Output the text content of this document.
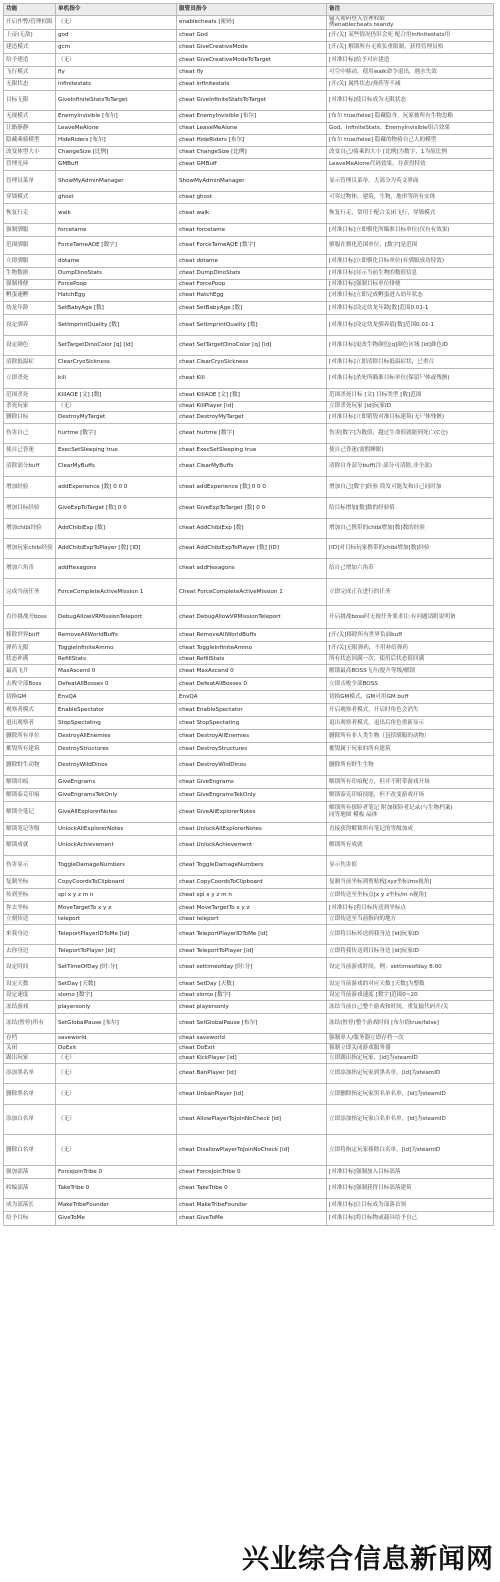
功能	单机指令	服管员指令	备注
开启作弊/管理权限	（无）	enablecheats [密码]	输入密码登入管理权限
例enablecheats teandy
上帝(无敌)	god	cheat God	[开/关] 某些情况仍旧会死 配合用infinitestats用
建造模式	gcm	cheat GiveCreativeMode	[开/关] 解锁所有无须负重限制，获得管理员格
给予建造	（无）	cheat GiveCreativeModeToTarget	[对准目标]给予对应建造
飞行模式	fly	cheat fly	可空中移动，使用walk命令退出，遇水失效
无限状态	infinitestats	cheat infinitestats	[开/关] 属性状态/弹药等不减
目标无限	GiveInfiniteStatsToTarget	cheat GiveInfiniteStatsToTarget	[对准目标]使目标成为无限状态
无视模式	EnemyInvisible [布尔]	cheat EnemyInvisible [布尔]	[布尔 true/false] 隐藏隐身，玩家被所有生物忽略
让路静静	LeaveMeAlone	cheat LeaveMeAlone	God、InfiniteStats、EnemyInvisible组合效果
隐藏乘骑模型	HideRiders [布尔]	cheat HideRiders [布尔]	[布尔 true/false] 隐藏的物骑自己人的模型
改变体型大小	ChangeSize [比例]	cheat ChangeSize [比例]	改变自己/骑乘的大小 [比例]为数字，1为原比例
管理光环	GMBuff	cheat GMBuff	LeaveMeAlone代码效果，并获得特效
管理员菜单	ShowMyAdminManager	ShowMyAdminManager	显示管理员菜单，大部分为英文界面
穿墙模式	ghost	cheat ghost	可穿过物体，建筑，生物，地形等所有实体
恢复行走	walk	cheat walk	恢复行走，常用于配合关闭飞行，穿墙模式
强制驯服	forcetame	cheat forcetame	[对准目标]立即驯化所瞄准目标单位(仅有有效果)
范围驯服	ForceTameAOE [数字]	cheat ForceTameAOE [数字]	驯服在驯化范围单位，[数字]是范围
立即驯服	dotame	cheat dotame	[对准目标]立即驯化目标单位(有驯服成功特效)
生物数据	DumpDinoStats	cheat DumpDinoStats	[对准目标]显示当前生物的数值信息
强制排便	ForcePoop	cheat ForcePoop	[对准目标]强制目标单位排便
孵蛋速孵	HatchEgg	cheat HatchEgg	[对准目标]立即完成孵蛋进入幼年状态
幼龙年龄	SetBabyAge [数]	cheat SetBabyAge [数]	[对准目标]设定幼龙年龄[数]范围0.01-1
设定驯养	SetImprintQuality [数]	cheat SetImprintQuality [数]	[对准目标]设定幼龙驯养值[数]范围0.01-1
设定颜色	SetTargetDinoColor [q] [id]	cheat SetTargetDinoColor [q] [id]	[对准目标]更改生物颜色[q]颜色区域 [id]颜色ID
清除低温症	ClearCryoSickness	cheat ClearCryoSickness	[对准目标]立即清除目标低温症状，已重召
立即杀死	kill	cheat Kill	[对准目标]杀死所瞄准目标单位(保留尸体或残骸)
范围杀死	KillAOE [文] [数]	cheat KillAOE [文] [数]	范围杀死目标 [文] 目标类型 [数]范围
杀死玩家	（无）	cheat KillPlayer [id]	立即杀死玩家 [id]玩家ID
删除目标	DestroyMyTarget	cheat DestroyMyTarget	[对准目标]立即销毁对准目标建筑(无尸体残骸)
伤害自己	hurtme [数字]	cheat hurtme [数字]	伤害[数字]为数值，越过生命值就能到死亡(C仓)
使自己昏迷	ExecSetSleeping true	cheat ExecSetSleeping true	使自己昏迷(需假睡眠)
清除部分buff	ClearMyBuffs	cheat ClearMyBuffs	清除自身部分buff(注:部分可清除,非全部)
增加经验	addExperience [数] 0 0 0	cheat addExperience [数] 0 0 0	增加自己[数字]经验 简发可能发和自己同时加
增加目标经验	GiveExpToTarget [数] 0 0	cheat GiveExpToTarget [数] 0 0	给目标增加[数]数的经验值
增加chibi经验	AddChibiExp [数]	cheat AddChibiExp [数]	增加自己携带的chibi增加[数]数的经验
增加玩家chibi经验	AddChibiExpToPlayer [数] [ID]	cheat AddChibiExpToPlayer [数] [ID]	[ID]对目标玩家携带的chibi增加[数]经验
增加六角币	addHexagons	cheat addHexagons	给自己增加六角币
完成当前任务	ForceCompleteActiveMission 1	Cheat ForceCompleteActiveMission 1	立即完成正在进行的任务
直径挑战开boss	DebugAllowVRMissionTeleport	cheat DebugAllowVRMissionTeleport	开启挑战boss时无视任务要求注:有问题请附说明备
移除世界buff	RemoveAllWorldBuffs	cheat RemoveAllWorldBuffs	[开/关]移除所有世界负面buff
弹药无限	ToggleInfiniteAmmo	cheat ToggleInfiniteAmmo	[开/关]无限弹药，不用补给弹药
状态补满	RefillStats	cheat RefillStats	所有状态回满一次，使用后状态值回满
最高飞升	MaxAscend 0	cheat MaxAscend 0	解锁最高BOSS飞升/提升等级/解锁
击败全部Boss	DefeatAllBosses 0	cheat DefeatAllBosses 0	立即击败全部BOSS
切换GM	EnvQA	EnvQA	切换GM模式，GM可用GM buff
观察者模式	EnableSpectator	cheat EnableSpectator	开启观察者模式，开启时角色会消失
退出观察者	StopSpectating	cheat StopSpectating	退出观察者模式，退出后角色重新显示
删除所有单位	DestroyAllEnemies	cheat DestroyAllEnemies	删除所有非人类生物（包括驯服的动物）
摧毁所有建筑	DestroyStructures	cheat DestroyStructures	摧毁属于玩家的所有建筑
删除野生动物	DestroyWildDinos	cheat DestroyWildDinos	删除所有野生生物
解锁印痕	GiveEngrams	cheat GiveEngrams	解锁所有印痕配方，但并不附带游戏开场
解锁泰克印痕	GiveEngramsTekOnly	cheat GiveEngramsTekOnly	解锁泰克印痕技能，但不改变游戏开场
解锁全笔记	GiveAllExplorerNotes	cheat GiveAllExplorerNotes	解锁所有探险者笔记 附加探险者记录(与生物档案)
同等地图 模板 晶体
解锁笔记等级	UnlockAllExplorerNotes	cheat UnlockAllExplorerNotes	直接获得解锁所有笔记的等级加成
解锁成就	UnlockAchievement	cheat UnlockAchievement	解锁所有成就
伤害显示	ToggleDamageNumbers	cheat ToggleDamageNumbers	显示伤害值
复制坐标	CopyCoordsToClipboard	cheat CopyCoordsToClipboard	复制当前坐标到剪贴板[xyz坐标/ms视角]
传到坐标	spi x y z m n	cheat spi x y z m n	立即传送至坐标点[x y z坐标/m n视角]
你去坐标	MoveTargetTo x y z	cheat MoveTargetTo x y z	[对准目标]将目标传送到坐标点
立刻传送	teleport	cheat teleport	立即传送至当前指向的地方
来我身边	TeleportPlayerIDToMe [id]	cheat TeleportPlayerIDToMe [id]	立即将目标传送到我身边 [id]玩家ID
去你身边	TeleportToPlayer [id]	cheat TeleportToPlayer [id]	立即将我传送到目标身边 [id]玩家ID
设定时间	SetTimeOfDay [时:分]	cheat settimeofday [时:分]	设定当前游戏时间，例：settimeofday 8:00
设定天数	SetDay [天数]	cheat SetDay [天数]	设定当前游戏的对应天数 [天数]为整数
设定速度	slomo [数字]	cheat slomo [数字]	设定当前游戏速度 [数字]范围0~20
冻结游戏	playersonly	cheat playersonly	冻结当前自己整个游戏和时间，重复输代码开/关
冻结(暂停)所有	SetGlobalPause [布尔]	cheat SetGlobalPause [布尔]	冻结(暂停)整个游戏时间 [布尔值true/false]
存档	saveworld	cheat saveworld	强制单人/服务器立即存档一次
关闭	DoExit	cheat DoExit	强制立即关闭游戏服务器
踢出玩家	（无）	cheat KickPlayer [id]	立即踢出指定玩家，[id]为steamID
添加黑名单	（无）	cheat BanPlayer [id]	立即添加指定玩家到黑名单，[id]为steamID
删除黑名单	（无）	cheat UnbanPlayer [id]	立即删除指定玩家黑名单名单，[id]为steamID
添加白名单	（无）	cheat AllowPlayerToJoinNoCheck [id]	立即添加指定玩家白名单名单，[id]为steamID
删除白名单	（无）	cheat DisallowPlayerToJoinNoCheck [id]	立即将指定玩家移除白名单，[id]为steamID
强加部落	ForceJoinTribe 0	cheat ForceJoinTribe 0	[对准目标]强制加入目标部落
收编部落	TakeTribe 0	cheat TakeTribe 0	[对准目标]强制获得目标部落建筑
成为部落长	MakeTribeFounder	cheat MakeTribeFounder	[对准目标]让目标成为部落首领
给予目标	GiveToMe	cheat GiveToMe	[对准目标]将目标物或载具给予自己
兴业综合信息新闻网
